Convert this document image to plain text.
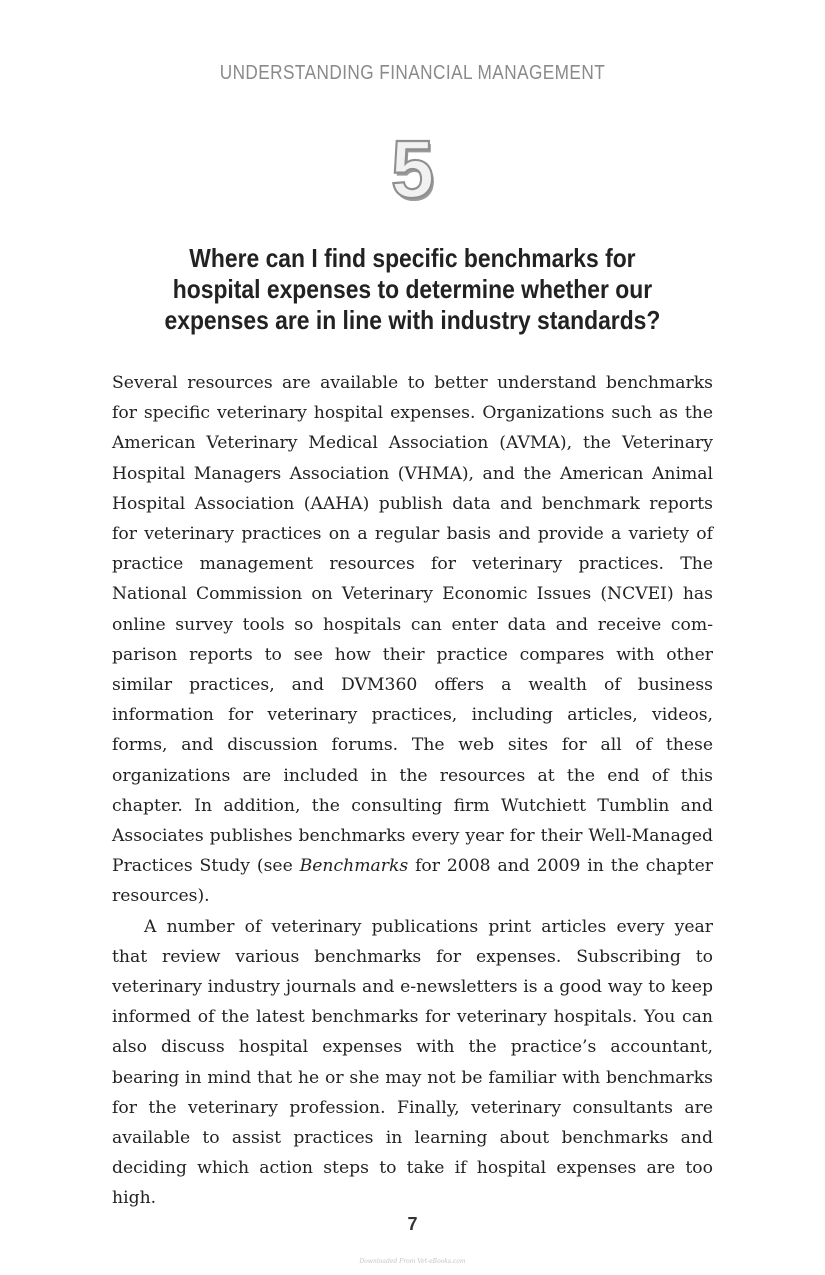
UNDERSTANDING FINANCIAL MANAGEMENT
5
Where can I find specific benchmarks for hospital expenses to determine whether our expenses are in line with industry standards?

Several resources are available to better understand benchmarks for specific veterinary hospital expenses. Organizations such as the American Veterinary Medical Association (AVMA), the Veterinary Hospital Managers Association (VHMA), and the American Animal Hospital Association (AAHA) publish data and benchmark reports for veterinary practices on a regular basis and provide a variety of practice management resources for veterinary practices. The National Commission on Veterinary Economic Issues (NCVEI) has online survey tools so hospitals can enter data and receive comparison reports to see how their practice compares with other similar practices, and DVM360 offers a wealth of business information for veterinary practices, including articles, videos, forms, and discussion forums. The web sites for all of these organizations are included in the resources at the end of this chapter. In addition, the consulting firm Wutchiett Tumblin and Associates publishes benchmarks every year for their Well-Managed Practices Study (see Benchmarks for 2008 and 2009 in the chapter resources).

A number of veterinary publications print articles every year that review various benchmarks for expenses. Subscribing to veterinary industry journals and e-newsletters is a good way to keep informed of the latest benchmarks for veterinary hospitals. You can also discuss hospital expenses with the practice’s accountant, bearing in mind that he or she may not be familiar with benchmarks for the veterinary profession. Finally, veterinary consultants are available to assist practices in learning about benchmarks and deciding which action steps to take if hospital expenses are too high.

7
Downloaded From Vet-eBooks.com
